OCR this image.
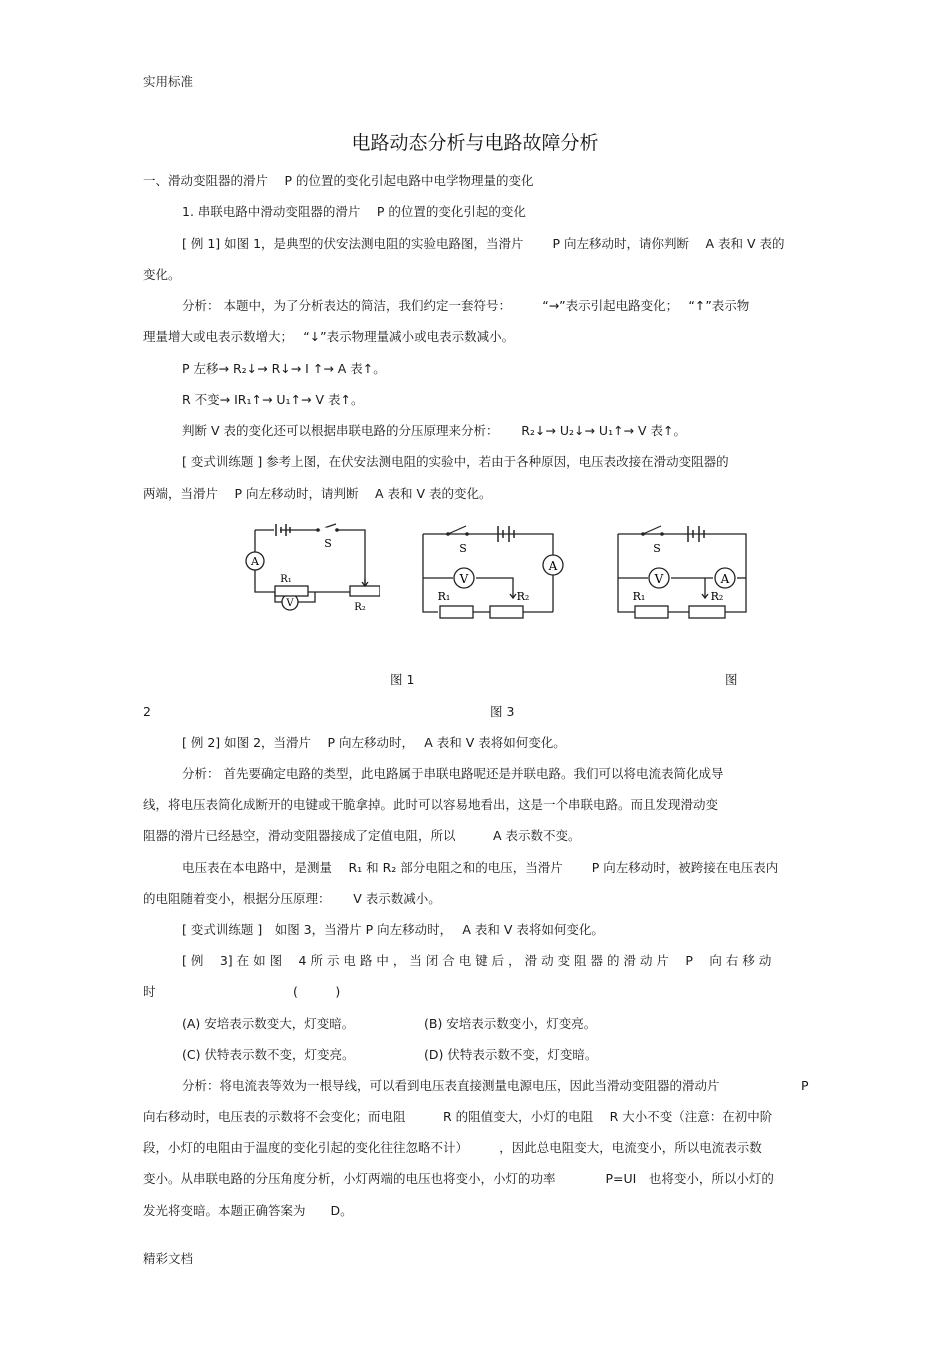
实用标准
电路动态分析与电路故障分析
一、滑动变阻器的滑片　 P 的位置的变化引起电路中电学物理量的变化
1. 串联电路中滑动变阻器的滑片　 P 的位置的变化引起的变化
[ 例 1] 如图 1，是典型的伏安法测电阻的实验电路图，当滑片　　 P 向左移动时，请你判断　 A 表和 V 表的
变化。
分析： 本题中，为了分析表达的简洁，我们约定一套符号：　　　“→”表示引起电路变化；　 “↑”表示物
理量增大或电表示数增大；　 “↓”表示物理量减小或电表示数减小。
P 左移→ R₂↓→ R↓→ I ↑→ A 表↑。
R 不变→ IR₁↑→ U₁↑→ V 表↑。
判断 V 表的变化还可以根据串联电路的分压原理来分析：　　 R₂↓→ U₂↓→ U₁↑→ V 表↑。
[ 变式训练题 ] 参考上图，在伏安法测电阻的实验中，若由于各种原因，电压表改接在滑动变阻器的
两端，当滑片　 P 向左移动时，请判断　 A 表和 V 表的变化。
A
V
S
R₁
R₂
S
V
A
R₁	R₂
S
V	A
R₁	R₂
图 1	图
2	图 3
[ 例 2] 如图 2，当滑片　 P 向左移动时，　 A 表和 V 表将如何变化。
分析： 首先要确定电路的类型，此电路属于串联电路呢还是并联电路。我们可以将电流表简化成导
线，将电压表简化成断开的电键或干脆拿掉。此时可以容易地看出，这是一个串联电路。而且发现滑动变
阻器的滑片已经悬空，滑动变阻器接成了定值电阻，所以　　　A 表示数不变。
电压表在本电路中，是测量　 R₁ 和 R₂ 部分电阻之和的电压，当滑片　　 P 向左移动时，被跨接在电压表内
的电阻随着变小，根据分压原理：　　 V 表示数减小。
[ 变式训练题 ]　如图 3，当滑片 P 向左移动时，　 A 表和 V 表将如何变化。
[ 例　 3] 在 如 图　 4 所 示 电 路 中 ， 当 闭 合 电 键 后 ， 滑 动 变 阻 器 的 滑 动 片　 P　 向 右 移 动
时　　　　　　　　　　　(　　　)
(A) 安培表示数变大，灯变暗。	(B) 安培表示数变小，灯变亮。
(C) 伏特表示数不变，灯变亮。	(D) 伏特表示数不变，灯变暗。
分析：将电流表等效为一根导线，可以看到电压表直接测量电源电压，因此当滑动变阻器的滑动片	P
向右移动时，电压表的示数将不会变化；而电阻　　　R 的阻值变大，小灯的电阻　 R 大小不变（注意：在初中阶
段，小灯的电阻由于温度的变化引起的变化往往忽略不计）　　　，因此总电阻变大，电流变小，所以电流表示数
变小。从串联电路的分压角度分析，小灯两端的电压也将变小，小灯的功率　　　　P=UI　也将变小，所以小灯的
发光将变暗。本题正确答案为　　D。
精彩文档
